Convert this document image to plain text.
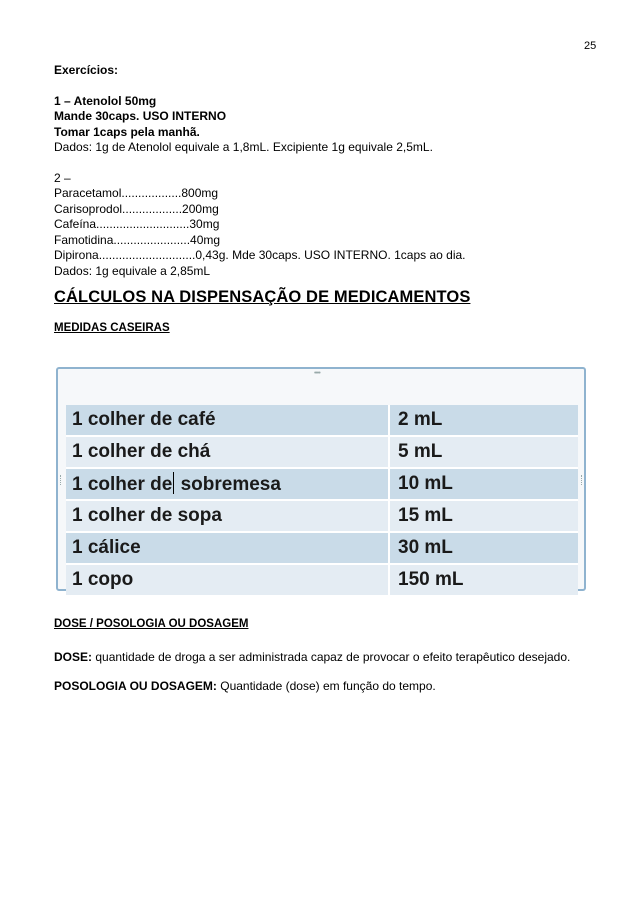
25
Exercícios:
1 – Atenolol 50mg
Mande 30caps. USO INTERNO
Tomar 1caps pela manhã.
Dados: 1g de Atenolol equivale a 1,8mL. Excipiente 1g equivale 2,5mL.
2 –
Paracetamol..................800mg
Carisoprodol..................200mg
Cafeína............................30mg
Famotidina.......................40mg
Dipirona.............................0,43g. Mde 30caps. USO INTERNO. 1caps ao dia.
Dados: 1g equivale a 2,85mL
CÁLCULOS NA DISPENSAÇÃO DE MEDICAMENTOS
MEDIDAS CASEIRAS
••••
1 colher de café	2 mL
1 colher de chá	5 mL
1 colher de sobremesa	10 mL
1 colher de sopa	15 mL
1 cálice	30 mL
1 copo	150 mL
DOSE / POSOLOGIA OU DOSAGEM
DOSE: quantidade de droga a ser administrada capaz de provocar o efeito terapêutico desejado.
POSOLOGIA OU DOSAGEM: Quantidade (dose) em função do tempo.
